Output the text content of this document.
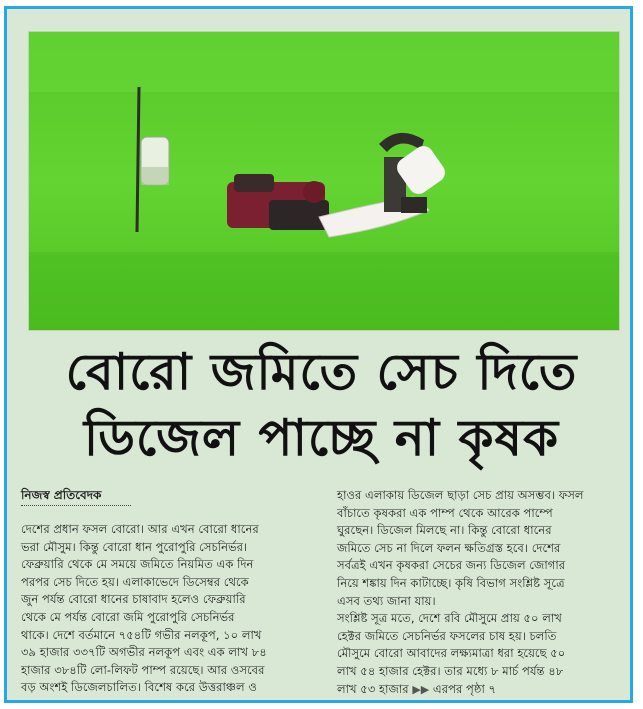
বোরো জমিতে সেচ দিতে
ডিজেল পাচ্ছে না কৃষক
নিজস্ব প্রতিবেদক
দেশের প্রধান ফসল বোরো। আর এখন বোরো ধানের
ভরা মৌসুম। কিন্তু বোরো ধান পুরোপুরি সেচনির্ভর।
ফেব্রুয়ারি থেকে মে সময়ে জমিতে নিয়মিত এক দিন
পরপর সেচ দিতে হয়। এলাকাভেদে ডিসেম্বর থেকে
জুন পর্যন্ত বোরো ধানের চাষাবাদ হলেও ফেব্রুয়ারি
থেকে মে পর্যন্ত বোরো জমি পুরোপুরি সেচনির্ভর
থাকে। দেশে বর্তমানে ৭৫৪টি গভীর নলকূপ, ১০ লাখ
৩৯ হাজার ৩৩৭টি অগভীর নলকূপ এবং এক লাখ ৮৪
হাজার ৩৮৪টি লো-লিফট পাম্প রয়েছে। আর ওসবের
বড় অংশই ডিজেলচালিত। বিশেষ করে উত্তরাঞ্চল ও
হাওর এলাকায় ডিজেল ছাড়া সেচ প্রায় অসম্ভব। ফসল
বাঁচাতে কৃষকরা এক পাম্প থেকে আরেক পাম্পে
ঘুরছেন। ডিজেল মিলছে না। কিন্তু বোরো ধানের
জমিতে সেচ না দিলে ফলন ক্ষতিগ্রস্ত হবে। দেশের
সর্বত্রই এখন কৃষকরা সেচের জন্য ডিজেল জোগার
নিয়ে শঙ্কায় দিন কাটাচ্ছে। কৃষি বিভাগ সংশ্লিষ্ট সূত্রে
এসব তথ্য জানা যায়।
সংশ্লিষ্ট সূত্র মতে, দেশে রবি মৌসুমে প্রায় ৫০ লাখ
হেক্টর জমিতে সেচনির্ভর ফসলের চাষ হয়। চলতি
মৌসুমে বোরো আবাদের লক্ষ্যমাত্রা ধরা হয়েছে ৫০
লাখ ৫৪ হাজার হেক্টর। তার মধ্যে ৮ মার্চ পর্যন্ত ৪৮
লাখ ৫৩ হাজার ▶▶ এরপর পৃষ্ঠা ৭
